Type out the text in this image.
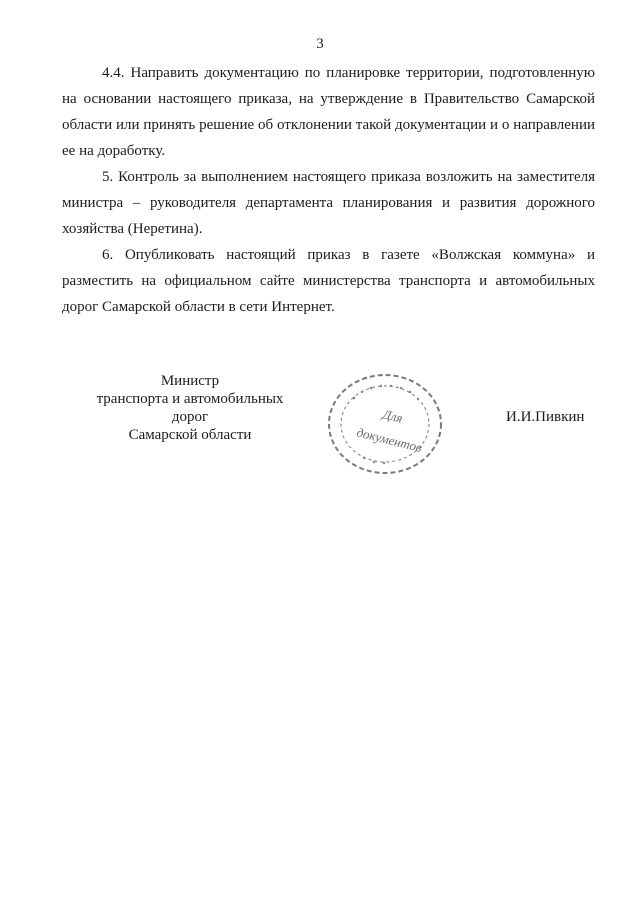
3

4.4. Направить документацию по планировке территории, подготовленную на основании настоящего приказа, на утверждение в Правительство Самарской области или принять решение об отклонении такой документации и о направлении ее на доработку.

5. Контроль за выполнением настоящего приказа возложить на заместителя министра – руководителя департамента планирования и развития дорожного хозяйства (Неретина).

6. Опубликовать настоящий приказ в газете «Волжская коммуна» и разместить на официальном сайте министерства транспорта и автомобильных дорог Самарской области в сети Интернет.

Министр
транспорта и автомобильных дорог
Самарской области
Для
документов
И.И.Пивкин
